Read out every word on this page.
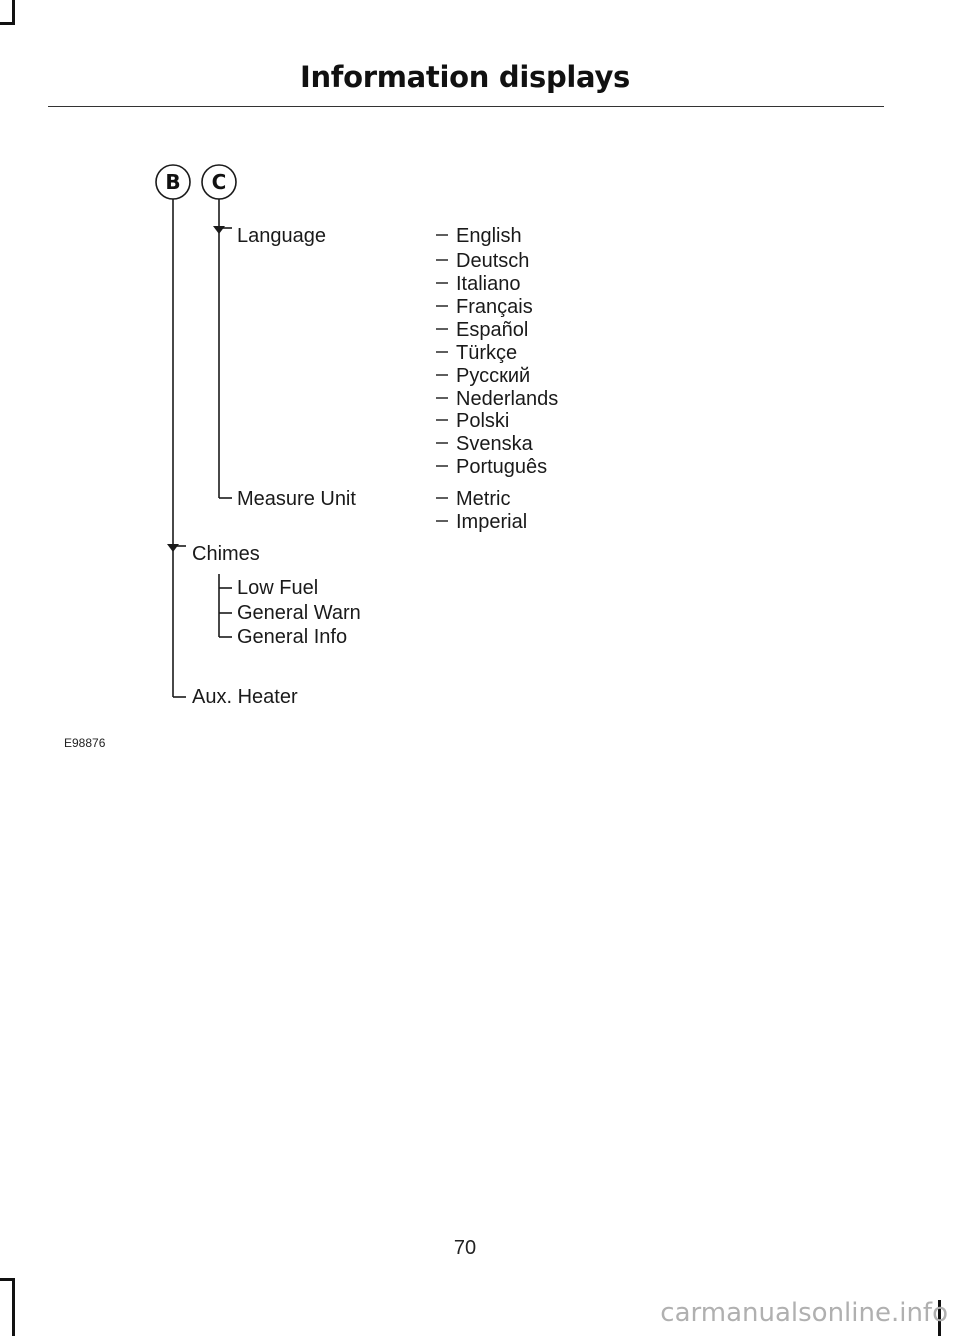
Information displays
B	C
Language
Measure Unit
Chimes
Low Fuel
General Warn
General Info
Aux. Heater
English
Deutsch
Italiano
Français
Español
Türkçe
Русский
Nederlands
Polski
Svenska
Português
Metric
Imperial
E98876
70
carmanualsonline.info
